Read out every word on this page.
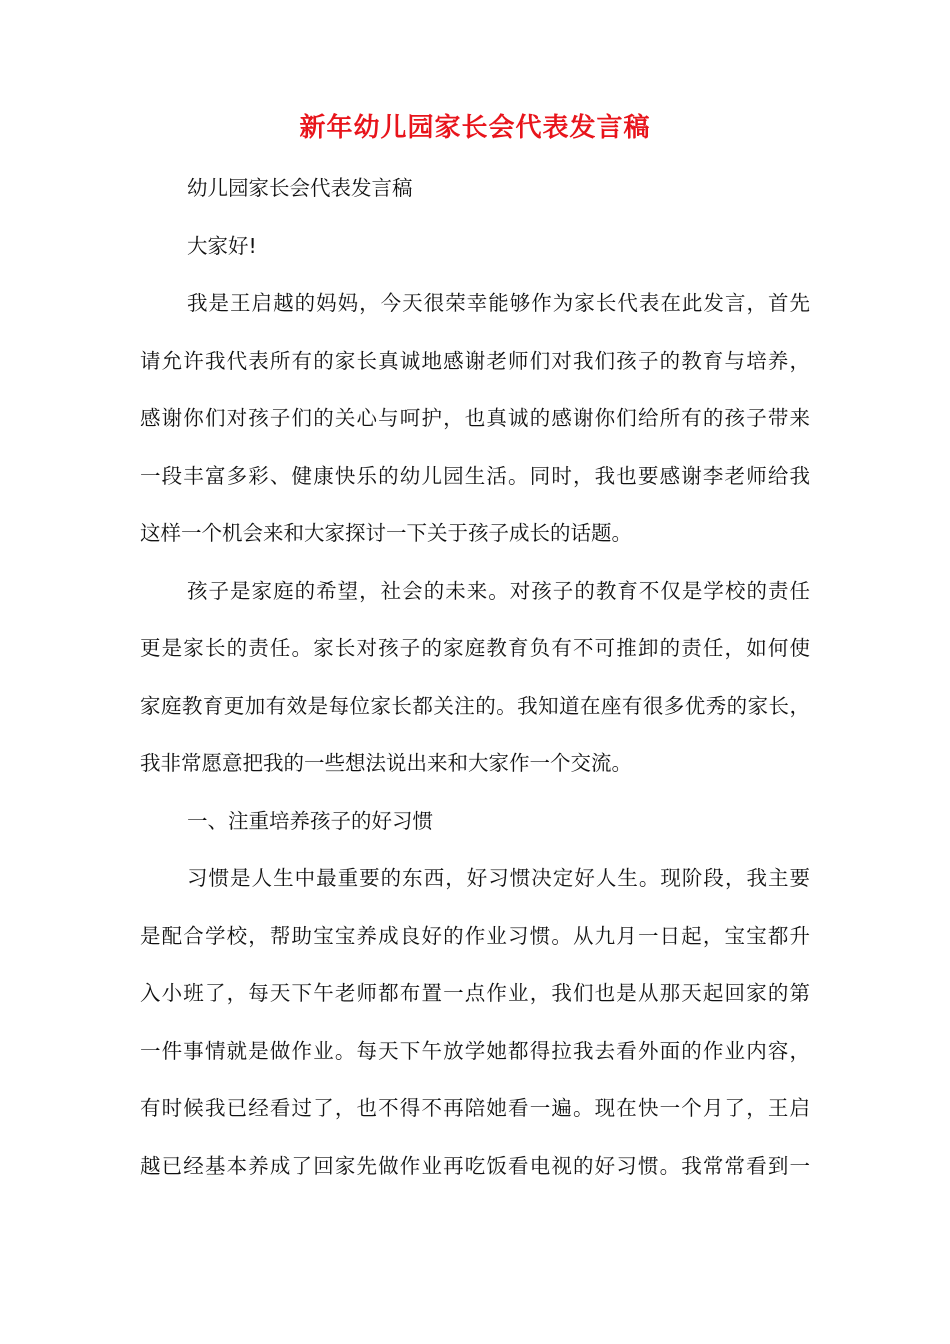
新年幼儿园家长会代表发言稿
幼儿园家长会代表发言稿
大家好!
我是王启越的妈妈，今天很荣幸能够作为家长代表在此发言，首先
请允许我代表所有的家长真诚地感谢老师们对我们孩子的教育与培养，
感谢你们对孩子们的关心与呵护，也真诚的感谢你们给所有的孩子带来
一段丰富多彩、健康快乐的幼儿园生活。同时，我也要感谢李老师给我
这样一个机会来和大家探讨一下关于孩子成长的话题。
孩子是家庭的希望，社会的未来。对孩子的教育不仅是学校的责任
更是家长的责任。家长对孩子的家庭教育负有不可推卸的责任，如何使
家庭教育更加有效是每位家长都关注的。我知道在座有很多优秀的家长，
我非常愿意把我的一些想法说出来和大家作一个交流。
一、注重培养孩子的好习惯
习惯是人生中最重要的东西，好习惯决定好人生。现阶段，我主要
是配合学校，帮助宝宝养成良好的作业习惯。从九月一日起，宝宝都升
入小班了，每天下午老师都布置一点作业，我们也是从那天起回家的第
一件事情就是做作业。每天下午放学她都得拉我去看外面的作业内容，
有时候我已经看过了，也不得不再陪她看一遍。现在快一个月了，王启
越已经基本养成了回家先做作业再吃饭看电视的好习惯。我常常看到一
